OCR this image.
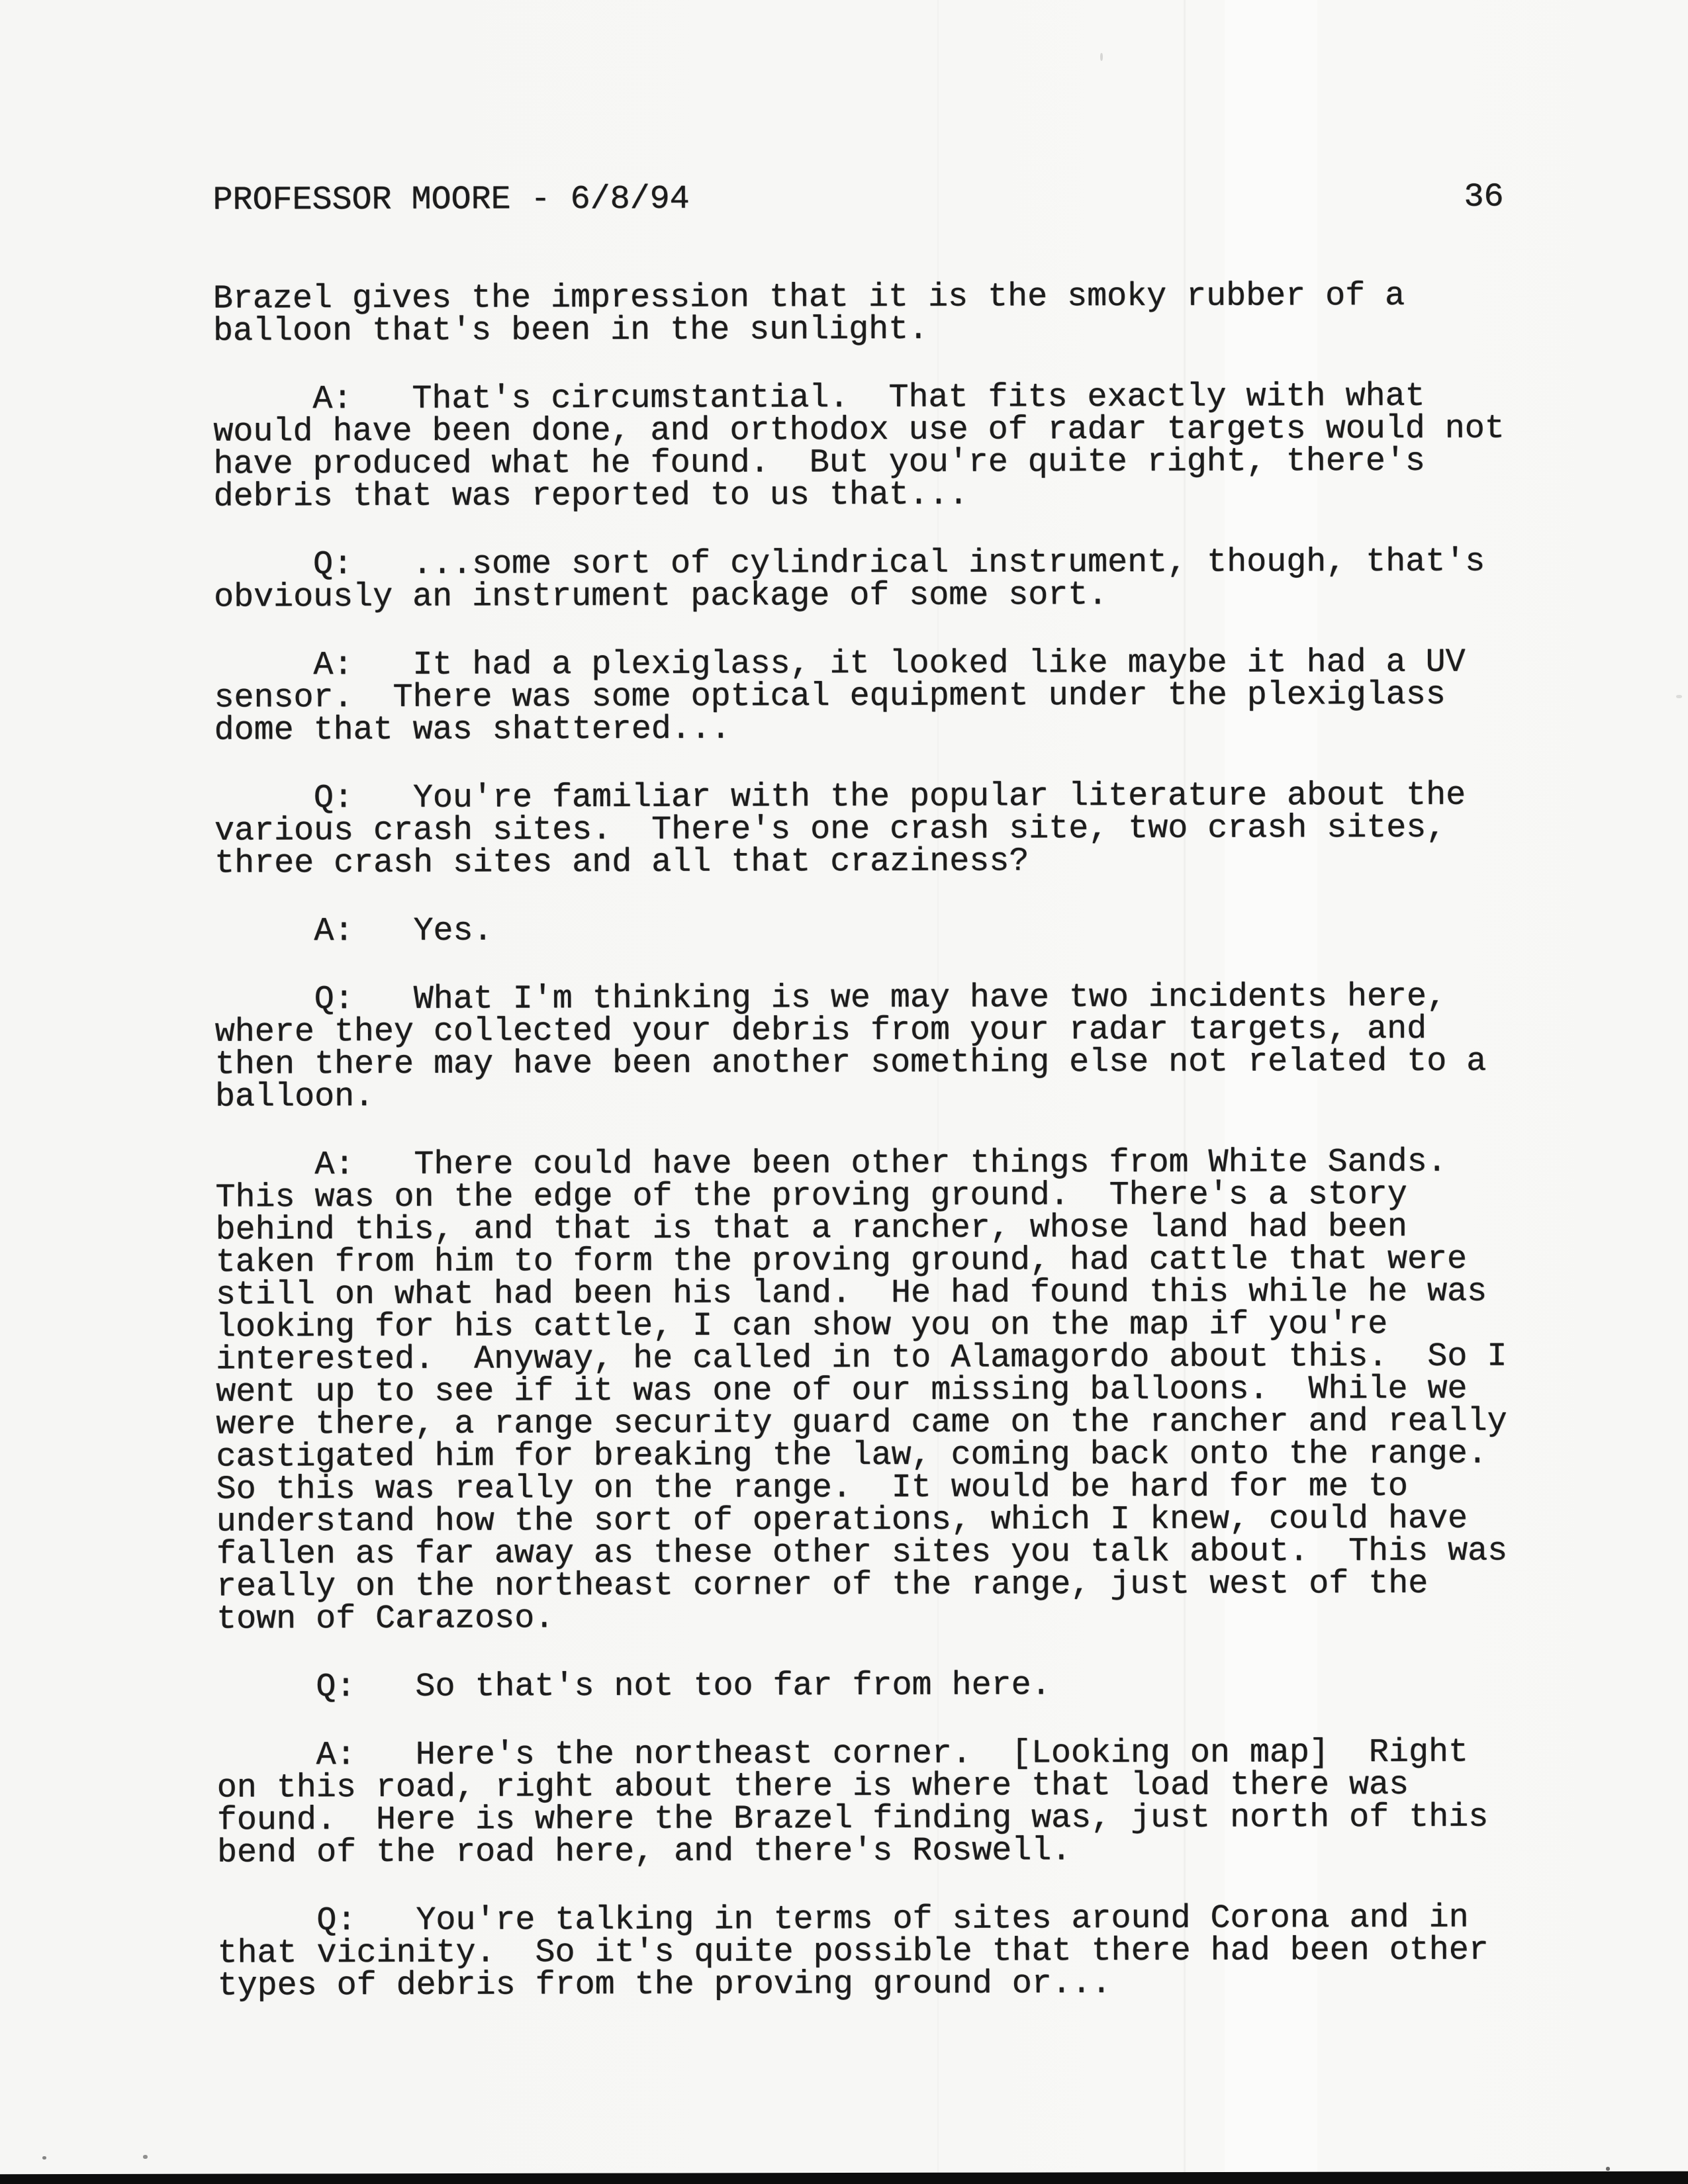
PROFESSOR MOORE - 6/8/94	36
Brazel gives the impression that it is the smoky rubber of a
balloon that's been in the sunlight.
A:   That's circumstantial.  That fits exactly with what
would have been done, and orthodox use of radar targets would not
have produced what he found.  But you're quite right, there's
debris that was reported to us that...
Q:   ...some sort of cylindrical instrument, though, that's
obviously an instrument package of some sort.
A:   It had a plexiglass, it looked like maybe it had a UV
sensor.  There was some optical equipment under the plexiglass
dome that was shattered...
Q:   You're familiar with the popular literature about the
various crash sites.  There's one crash site, two crash sites,
three crash sites and all that craziness?
A:   Yes.
Q:   What I'm thinking is we may have two incidents here,
where they collected your debris from your radar targets, and
then there may have been another something else not related to a
balloon.
A:   There could have been other things from White Sands.
This was on the edge of the proving ground.  There's a story
behind this, and that is that a rancher, whose land had been
taken from him to form the proving ground, had cattle that were
still on what had been his land.  He had found this while he was
looking for his cattle, I can show you on the map if you're
interested.  Anyway, he called in to Alamagordo about this.  So I
went up to see if it was one of our missing balloons.  While we
were there, a range security guard came on the rancher and really
castigated him for breaking the law, coming back onto the range.
So this was really on the range.  It would be hard for me to
understand how the sort of operations, which I knew, could have
fallen as far away as these other sites you talk about.  This was
really on the northeast corner of the range, just west of the
town of Carazoso.
Q:   So that's not too far from here.
A:   Here's the northeast corner.  [Looking on map]  Right
on this road, right about there is where that load there was
found.  Here is where the Brazel finding was, just north of this
bend of the road here, and there's Roswell.
Q:   You're talking in terms of sites around Corona and in
that vicinity.  So it's quite possible that there had been other
types of debris from the proving ground or...
